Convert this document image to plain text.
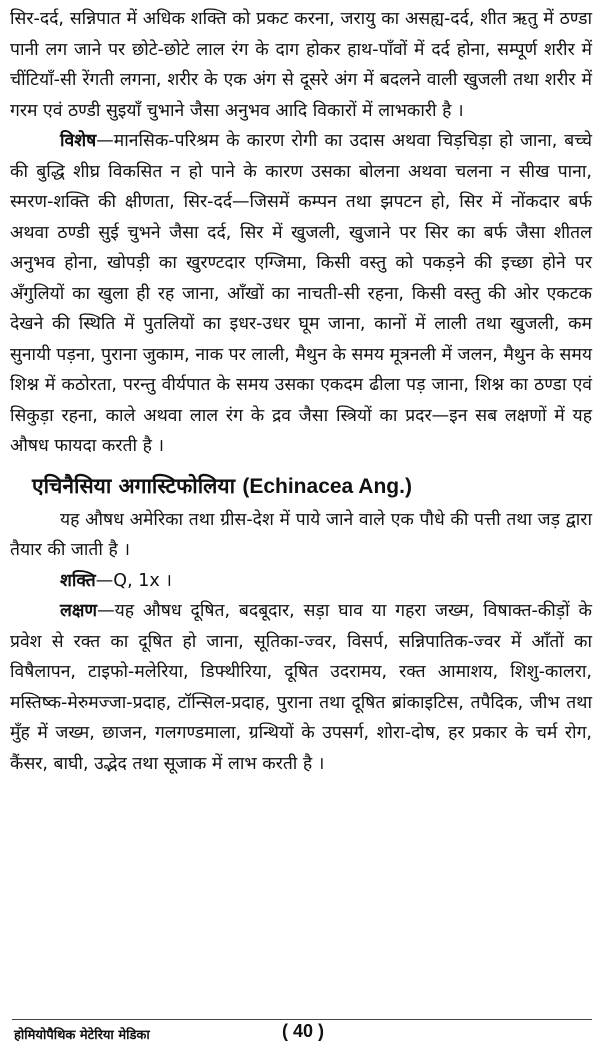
सिर-दर्द, सन्निपात में अधिक शक्ति को प्रकट करना, जरायु का असह्य-दर्द, शीत ऋतु में ठण्डा पानी लग जाने पर छोटे-छोटे लाल रंग के दाग होकर हाथ-पाँवों में दर्द होना, सम्पूर्ण शरीर में चींटियाँ-सी रेंगती लगना, शरीर के एक अंग से दूसरे अंग में बदलने वाली खुजली तथा शरीर में गरम एवं ठण्डी सुइयाँ चुभाने जैसा अनुभव आदि विकारों में लाभकारी है ।

विशेष—मानसिक-परिश्रम के कारण रोगी का उदास अथवा चिड़चिड़ा हो जाना, बच्चे की बुद्धि शीघ्र विकसित न हो पाने के कारण उसका बोलना अथवा चलना न सीख पाना, स्मरण-शक्ति की क्षीणता, सिर-दर्द—जिसमें कम्पन तथा झपटन हो, सिर में नोंकदार बर्फ अथवा ठण्डी सुई चुभने जैसा दर्द, सिर में खुजली, खुजाने पर सिर का बर्फ जैसा शीतल अनुभव होना, खोपड़ी का खुरण्टदार एग्जिमा, किसी वस्तु को पकड़ने की इच्छा होने पर अँगुलियों का खुला ही रह जाना, आँखों का नाचती-सी रहना, किसी वस्तु की ओर एकटक देखने की स्थिति में पुतलियों का इधर-उधर घूम जाना, कानों में लाली तथा खुजली, कम सुनायी पड़ना, पुराना जुकाम, नाक पर लाली, मैथुन के समय मूत्रनली में जलन, मैथुन के समय शिश्न में कठोरता, परन्तु वीर्यपात के समय उसका एकदम ढीला पड़ जाना, शिश्न का ठण्डा एवं सिकुड़ा रहना, काले अथवा लाल रंग के द्रव जैसा स्त्रियों का प्रदर—इन सब लक्षणों में यह औषध फायदा करती है ।

एचिनैसिया अगास्टिफोलिया (Echinacea Ang.)

यह औषध अमेरिका तथा ग्रीस-देश में पाये जाने वाले एक पौधे की पत्ती तथा जड़ द्वारा तैयार की जाती है ।

शक्ति—Q, 1x ।

लक्षण—यह औषध दूषित, बदबूदार, सड़ा घाव या गहरा जख्म, विषाक्त-कीड़ों के प्रवेश से रक्त का दूषित हो जाना, सूतिका-ज्वर, विसर्प, सन्निपातिक-ज्वर में आँतों का विषैलापन, टाइफो-मलेरिया, डिफ्थीरिया, दूषित उदरामय, रक्त आमाशय, शिशु-कालरा, मस्तिष्क-मेरुमज्जा-प्रदाह, टॉन्सिल-प्रदाह, पुराना तथा दूषित ब्रांकाइटिस, तपैदिक, जीभ तथा मुँह में जख्म, छाजन, गलगण्डमाला, ग्रन्थियों के उपसर्ग, शोरा-दोष, हर प्रकार के चर्म रोग, कैंसर, बाघी, उद्भेद तथा सूजाक में लाभ करती है ।

होमियोपैथिक मेटेरिया मेडिका	( 40 )
